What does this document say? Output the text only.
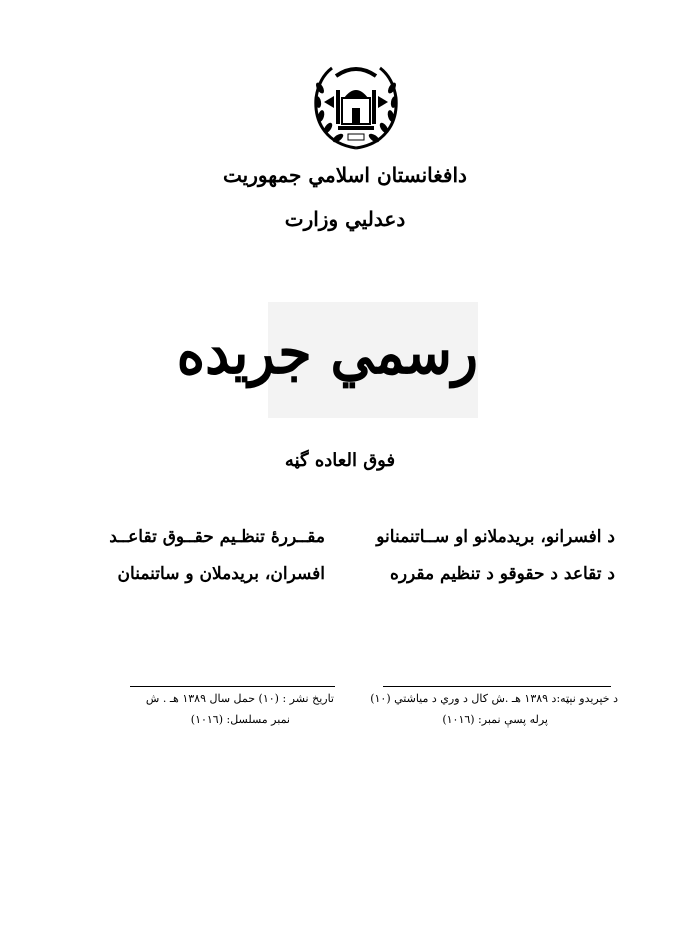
دافغانستان اسلامي جمهوريت
دعدليي وزارت
رسمي جريده
فوق العاده گڼه
د افسرانو، بريدملانو او ســاتنمنانو
د تقاعد د حقوقو د تنظيم مقرره
مقــررۀ تنظـيم حقــوق تقاعــد
افسران، بريدملان و ساتنمنان
د خپريدو نېټه:د ۱۳۸۹ هـ .ش كال د وري د مياشتي (۱۰)
پرله پسې نمبر: (۱۰۱٦)
تاريخ نشر : (۱۰) حمل سال ۱۳۸۹ هـ . ش
نمبر مسلسل: (۱۰۱٦)
